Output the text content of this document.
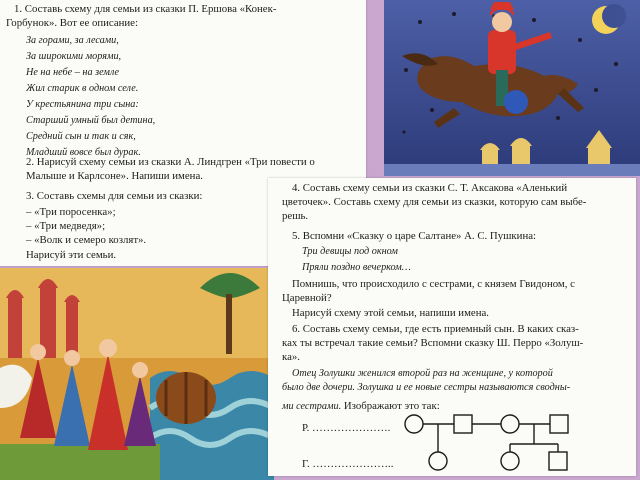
1. Составь схему для семьи из сказки П. Ершова «Конек-

Горбунок». Вот ее описание:

За горами, за лесами,

За широкими морями,

Не на небе – на земле

Жил старик в одном селе.

У крестьянина три сына:

Старший умный был детина,

Средний сын и так и сяк,

Младший вовсе был дурак.

2. Нарисуй схему семьи из сказки А. Линдгрен «Три повести о

Малыше и Карлсоне». Напиши имена.

3. Составь схемы для семьи из сказки:

– «Три поросенка»;

– «Три медведя»;

– «Волк и семеро козлят».

Нарисуй эти семьи.

4. Составь схему семьи из сказки С. Т. Аксакова «Аленький

цветочек». Составь схему для семьи из сказки, которую сам выбе-

решь.

5. Вспомни «Сказку о царе Салтане» А. С. Пушкина:

Три девицы под окном

Пряли поздно вечерком…

Помнишь, что происходило с сестрами, с князем Гвидоном, с

Царевной?

Нарисуй схему этой семьи, напиши имена.

6. Составь схему семьи, где есть приемный сын. В каких сказ-

ках ты встречал такие семьи? Вспомни сказку Ш. Перро «Золуш-

ка».

Отец Золушки женился второй раз на женщине, у которой

было две дочери. Золушка и ее новые сестры называются сводны-

ми сестрами. Изображают это так:

Р. ………………….

Г. …………………..
